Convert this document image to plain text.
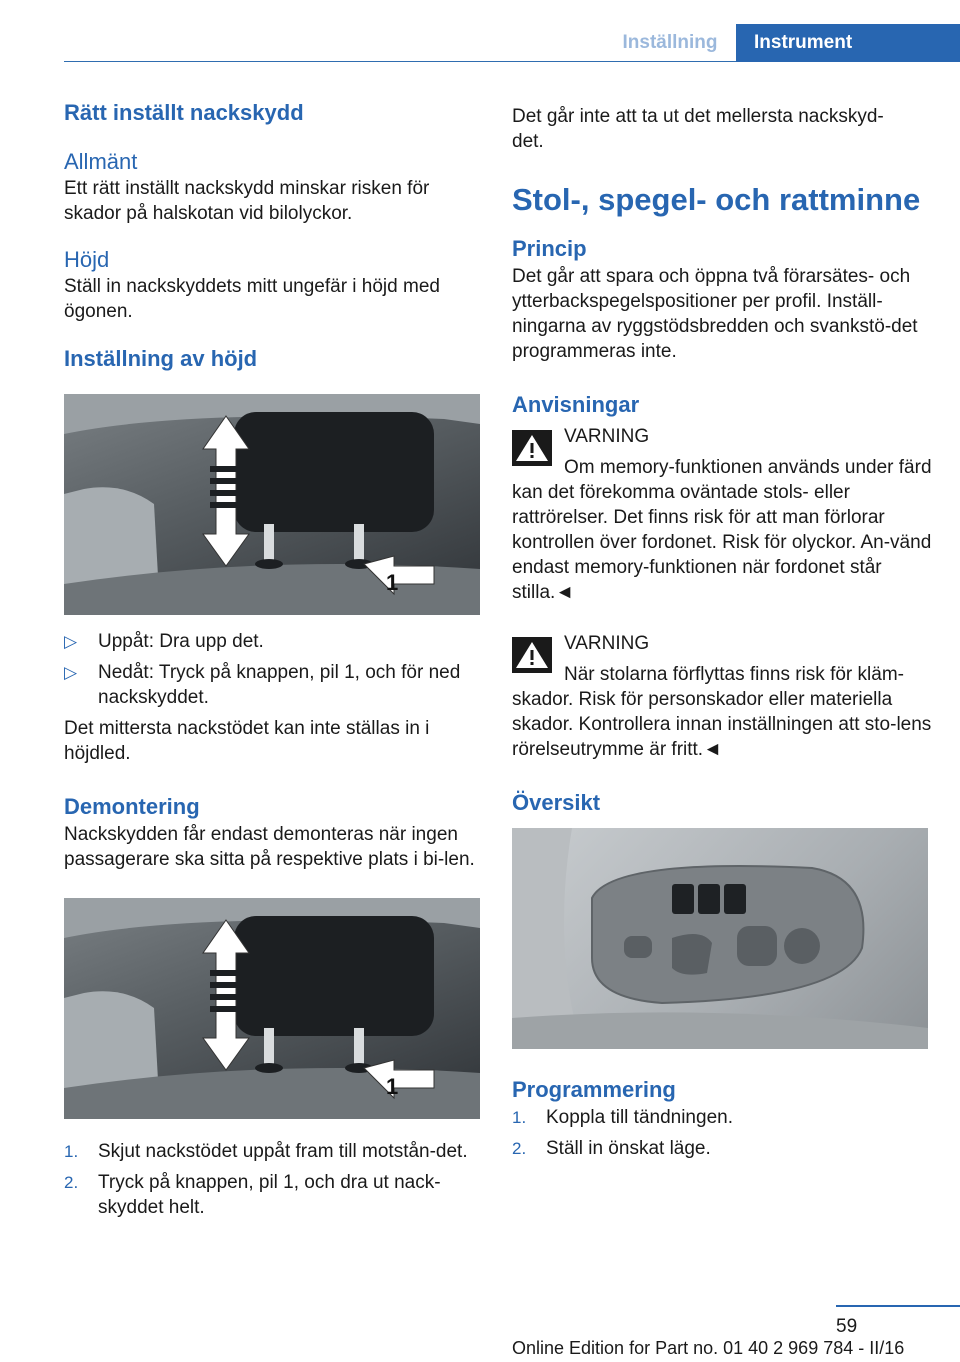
Inställning	Instrument
Rätt inställt nackskydd
Allmänt

Ett rätt inställt nackskydd minskar risken för skador på halskotan vid bilolyckor.

Höjd

Ställ in nackskyddets mitt ungefär i höjd med ögonen.

Inställning av höjd
1
▷ Uppåt: Dra upp det.
▷ Nedåt: Tryck på knappen, pil 1, och för ned nackskyddet.

Det mittersta nackstödet kan inte ställas in i höjdled.

Demontering

Nackskydden får endast demonteras när ingen passagerare ska sitta på respektive plats i bi-len.

1
1. Skjut nackstödet uppåt fram till motstån-det.
2. Tryck på knappen, pil 1, och dra ut nack-skyddet helt.

Det går inte att ta ut det mellersta nackskyd-det.

Stol-, spegel- och rattminne
Princip

Det går att spara och öppna två förarsätes- och ytterbackspegelspositioner per profil. Inställ-ningarna av ryggstödsbredden och svankstö-det programmeras inte.

Anvisningar

VARNING

Om memory-funktionen används under färd kan det förekomma oväntade stols- eller rattrörelser. Det finns risk för att man förlorar kontrollen över fordonet. Risk för olyckor. An-vänd endast memory-funktionen när fordonet står stilla.◄

VARNING

När stolarna förflyttas finns risk för kläm-skador. Risk för personskador eller materiella skador. Kontrollera innan inställningen att sto-lens rörelseutrymme är fritt.◄

Översikt
Programmering
1. Koppla till tändningen.
2. Ställ in önskat läge.
59
Online Edition for Part no. 01 40 2 969 784 - II/16
